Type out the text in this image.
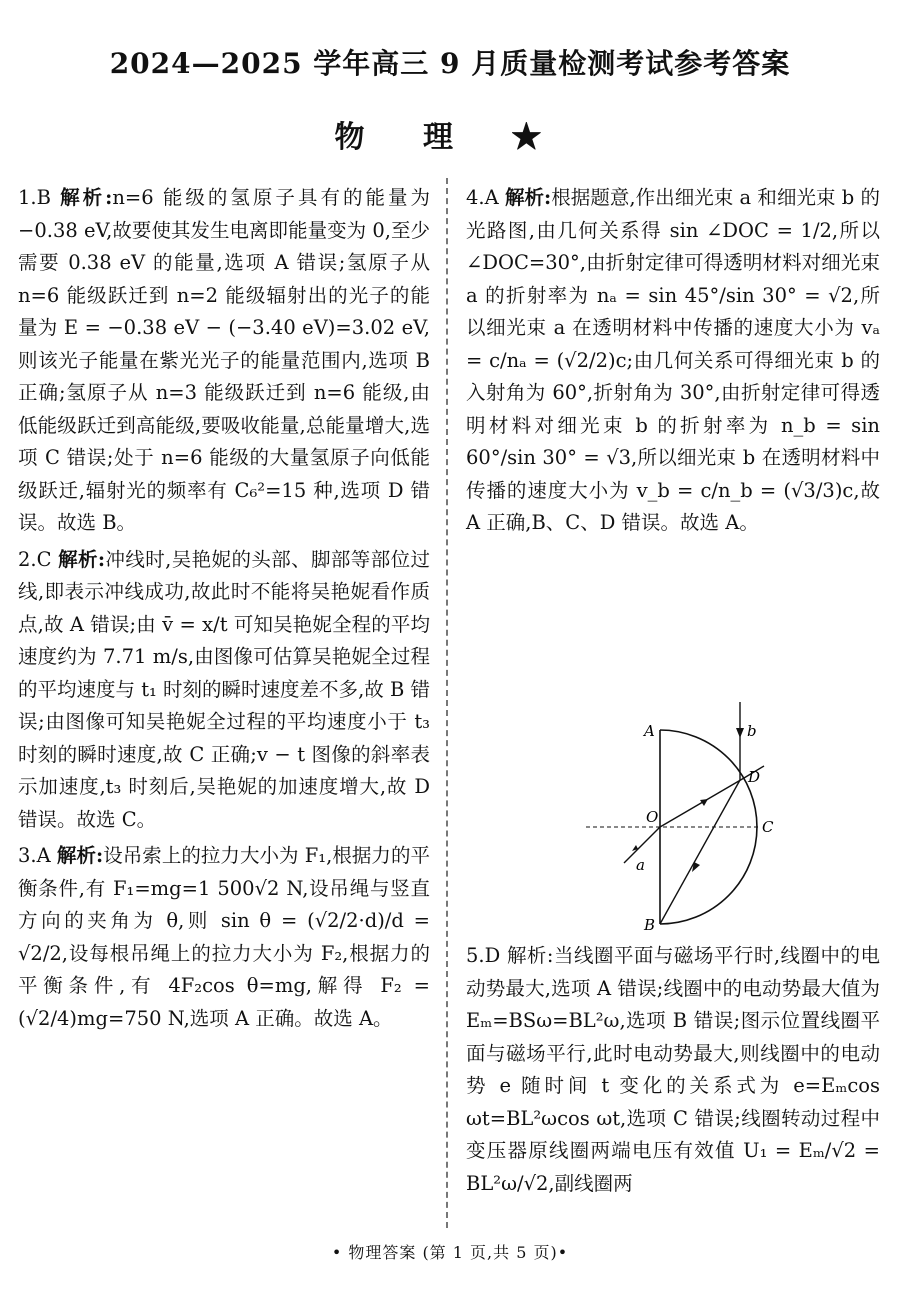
2024—2025 学年高三 9 月质量检测考试参考答案
物 理 ★

1.B 解析:n=6 能级的氢原子具有的能量为 −0.38 eV,故要使其发生电离即能量变为 0,至少需要 0.38 eV 的能量,选项 A 错误;氢原子从 n=6 能级跃迁到 n=2 能级辐射出的光子的能量为 E = −0.38 eV − (−3.40 eV)=3.02 eV,则该光子能量在紫光光子的能量范围内,选项 B 正确;氢原子从 n=3 能级跃迁到 n=6 能级,由低能级跃迁到高能级,要吸收能量,总能量增大,选项 C 错误;处于 n=6 能级的大量氢原子向低能级跃迁,辐射光的频率有 C₆²=15 种,选项 D 错误。故选 B。

2.C 解析:冲线时,吴艳妮的头部、脚部等部位过线,即表示冲线成功,故此时不能将吴艳妮看作质点,故 A 错误;由 v̄ = x/t 可知吴艳妮全程的平均速度约为 7.71 m/s,由图像可估算吴艳妮全过程的平均速度与 t₁ 时刻的瞬时速度差不多,故 B 错误;由图像可知吴艳妮全过程的平均速度小于 t₃ 时刻的瞬时速度,故 C 正确;v − t 图像的斜率表示加速度,t₃ 时刻后,吴艳妮的加速度增大,故 D 错误。故选 C。

3.A 解析:设吊索上的拉力大小为 F₁,根据力的平衡条件,有 F₁=mg=1 500√2 N,设吊绳与竖直方向的夹角为 θ,则 sin θ = (√2/2·d)/d = √2/2,设每根吊绳上的拉力大小为 F₂,根据力的平衡条件,有 4F₂cos θ=mg,解得 F₂ = (√2/4)mg=750 N,选项 A 正确。故选 A。

4.A 解析:根据题意,作出细光束 a 和细光束 b 的光路图,由几何关系得 sin ∠DOC = 1/2,所以∠DOC=30°,由折射定律可得透明材料对细光束 a 的折射率为 nₐ = sin 45°/sin 30° = √2,所以细光束 a 在透明材料中传播的速度大小为 vₐ = c/nₐ = (√2/2)c;由几何关系可得细光束 b 的入射角为 60°,折射角为 30°,由折射定律可得透明材料对细光束 b 的折射率为 n_b = sin 60°/sin 30° = √3,所以细光束 b 在透明材料中传播的速度大小为 v_b = c/n_b = (√3/3)c,故 A 正确,B、C、D 错误。故选 A。

A
B
C
D
O
a
b
5.D 解析:当线圈平面与磁场平行时,线圈中的电动势最大,选项 A 错误;线圈中的电动势最大值为 Eₘ=BSω=BL²ω,选项 B 错误;图示位置线圈平面与磁场平行,此时电动势最大,则线圈中的电动势 e 随时间 t 变化的关系式为 e=Eₘcos ωt=BL²ωcos ωt,选项 C 错误;线圈转动过程中变压器原线圈两端电压有效值 U₁ = Eₘ/√2 = BL²ω/√2,副线圈两
• 物理答案 (第 1 页,共 5 页)•
